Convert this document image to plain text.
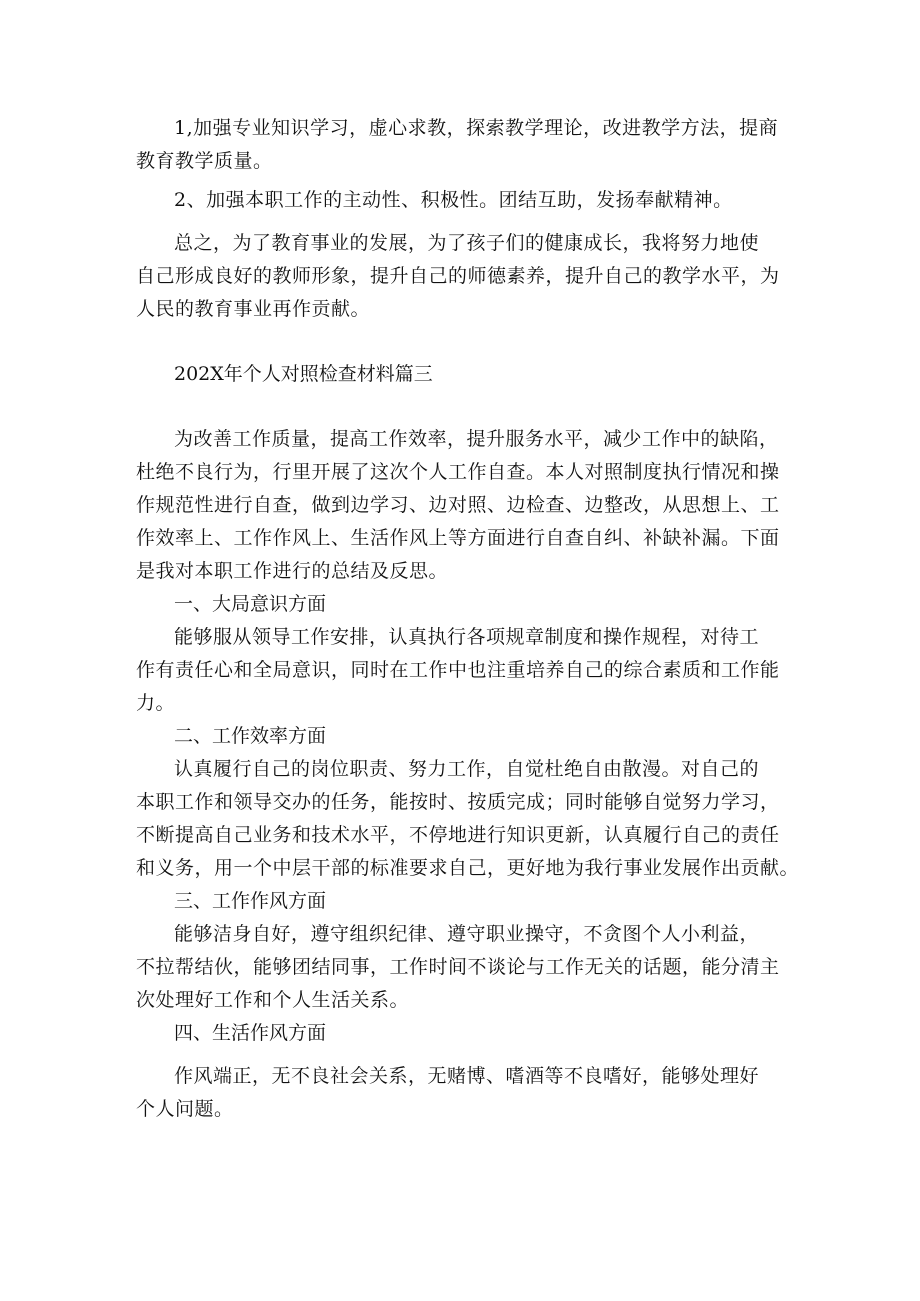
1,加强专业知识学习，虚心求教，探索教学理论，改进教学方法，提商
教育教学质量。
2、加强本职工作的主动性、积极性。团结互助，发扬奉献精神。
总之，为了教育事业的发展，为了孩子们的健康成长，我将努力地使
自己形成良好的教师形象，提升自己的师德素养，提升自己的教学水平，为
人民的教育事业再作贡献。
202X年个人对照检查材料篇三
为改善工作质量，提高工作效率，提升服务水平，减少工作中的缺陷，
杜绝不良行为，行里开展了这次个人工作自查。本人对照制度执行情况和操
作规范性进行自查，做到边学习、边对照、边检查、边整改，从思想上、工
作效率上、工作作风上、生活作风上等方面进行自查自纠、补缺补漏。下面
是我对本职工作进行的总结及反思。
一、大局意识方面
能够服从领导工作安排，认真执行各项规章制度和操作规程，对待工
作有责任心和全局意识，同时在工作中也注重培养自己的综合素质和工作能
力。
二、工作效率方面
认真履行自己的岗位职责、努力工作，自觉杜绝自由散漫。对自己的
本职工作和领导交办的任务，能按时、按质完成；同时能够自觉努力学习，
不断提高自己业务和技术水平，不停地进行知识更新，认真履行自己的责任
和义务，用一个中层干部的标准要求自己，更好地为我行事业发展作出贡献。
三、工作作风方面
能够洁身自好，遵守组织纪律、遵守职业操守，不贪图个人小利益，
不拉帮结伙，能够团结同事，工作时间不谈论与工作无关的话题，能分清主
次处理好工作和个人生活关系。
四、生活作风方面
作风端正，无不良社会关系，无赌博、嗜酒等不良嗜好，能够处理好
个人问题。
